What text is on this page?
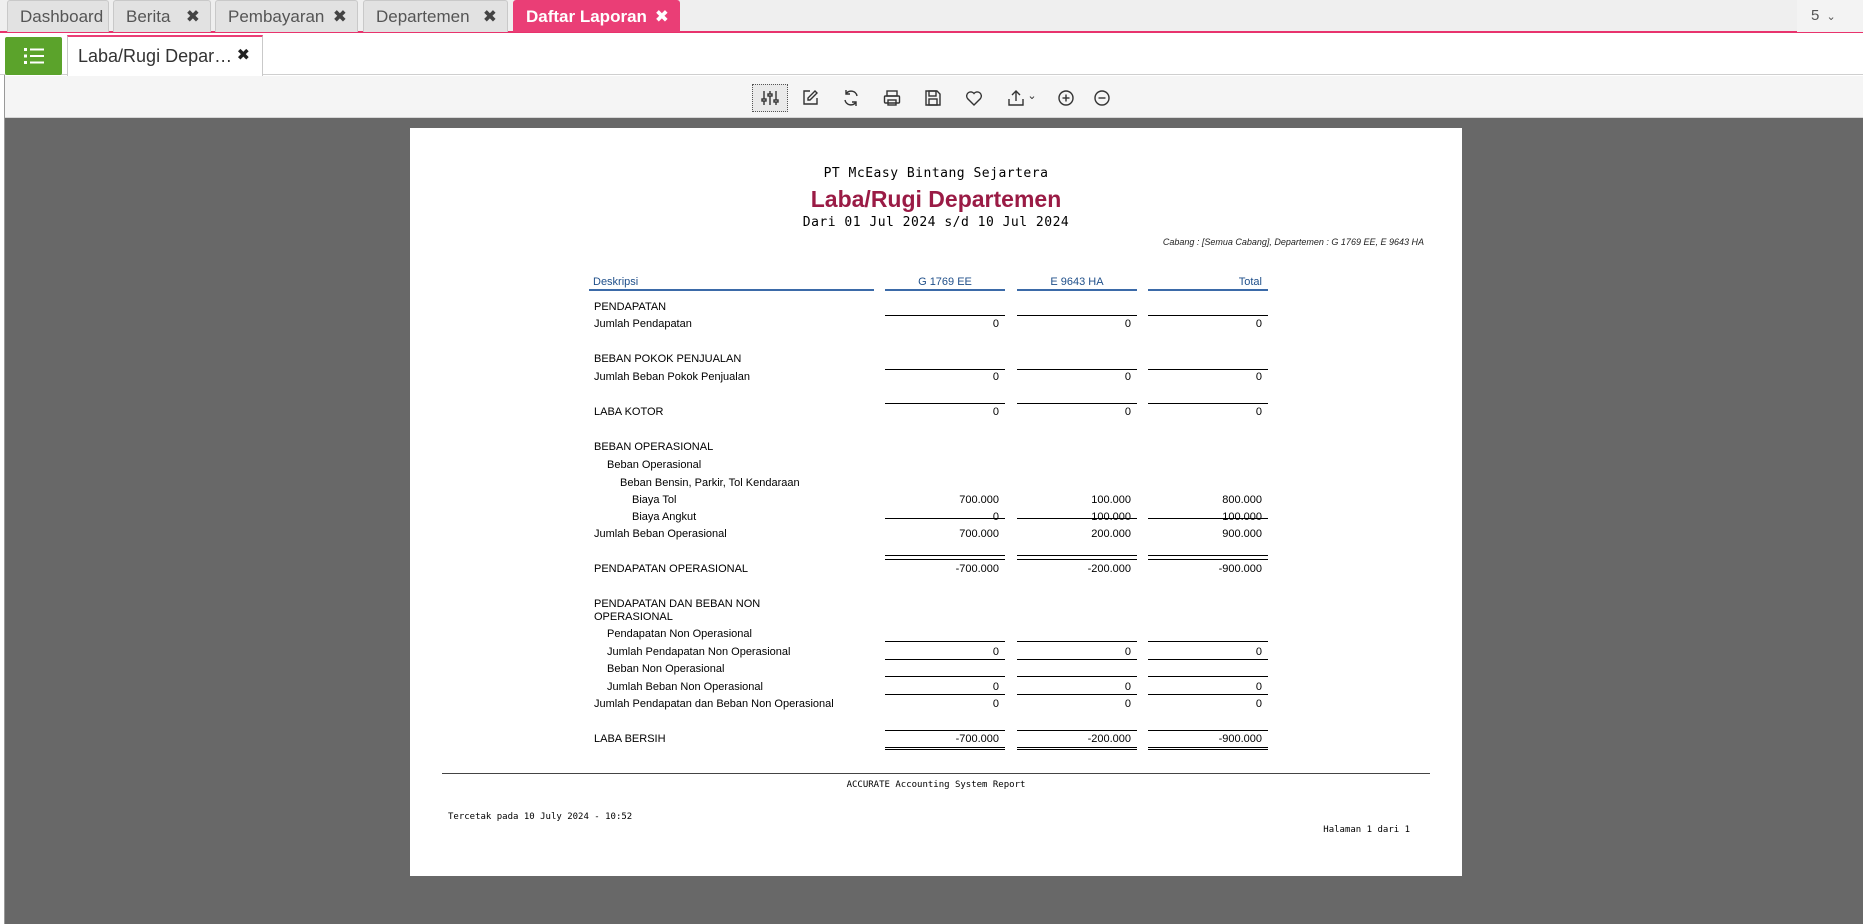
Dashboard	Berita ✖	Pembayaran ✖	Departemen ✖	Daftar Laporan ✖	5 ⌄
Laba/Rugi Depar… ✖
⌄
PT McEasy Bintang Sejartera
Laba/Rugi Departemen
Dari 01 Jul 2024 s/d 10 Jul 2024
Cabang : [Semua Cabang], Departemen : G 1769 EE, E 9643 HA
Deskripsi	G 1769 EE	E 9643 HA	Total
PENDAPATAN
Jumlah Pendapatan	0	0	0
BEBAN POKOK PENJUALAN
Jumlah Beban Pokok Penjualan	0	0	0
LABA KOTOR	0	0	0
BEBAN OPERASIONAL
Beban Operasional
Beban Bensin, Parkir, Tol Kendaraan
Biaya Tol	700.000	100.000	800.000
Biaya Angkut	0	100.000	100.000
Jumlah Beban Operasional	700.000	200.000	900.000
PENDAPATAN OPERASIONAL	-700.000	-200.000	-900.000
PENDAPATAN DAN BEBAN NON
OPERASIONAL
Pendapatan Non Operasional
Jumlah Pendapatan Non Operasional	0	0	0
Beban Non Operasional
Jumlah Beban Non Operasional	0	0	0
Jumlah Pendapatan dan Beban Non Operasional	0	0	0
LABA BERSIH	-700.000	-200.000	-900.000
ACCURATE Accounting System Report
Tercetak pada 10 July 2024 - 10:52
Halaman 1 dari 1
